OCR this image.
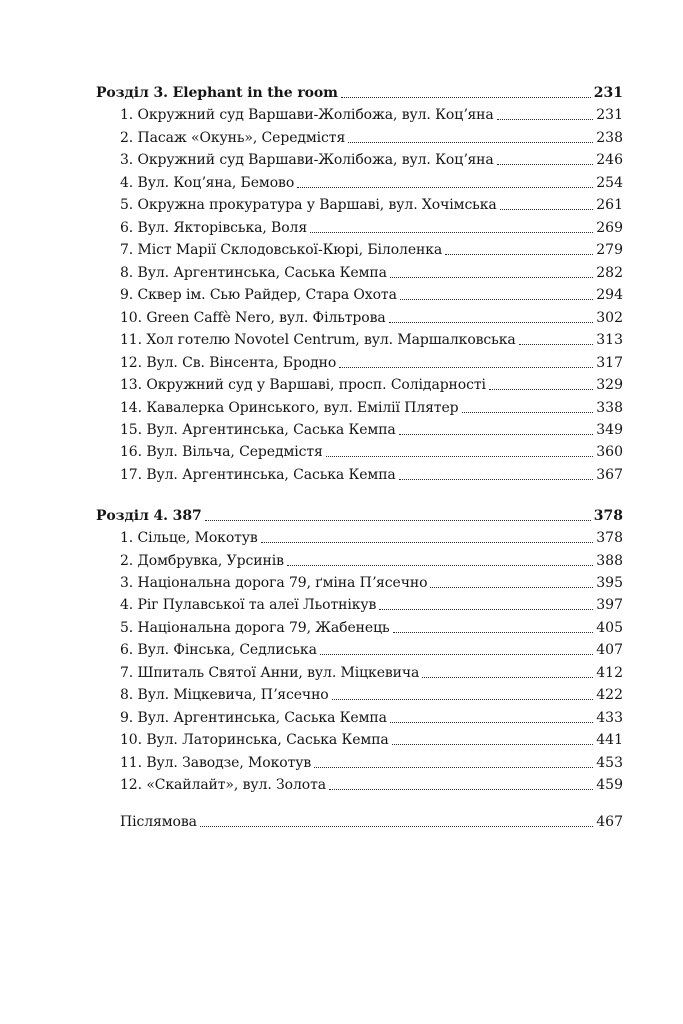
Розділ 3. Elephant in the room	231
1. Окружний суд Варшави-Жолібожа, вул. Коцʼяна	231
2. Пасаж «Окунь», Середмістя	238
3. Окружний суд Варшави-Жолібожа, вул. Коцʼяна	246
4. Вул. Коцʼяна, Бемово	254
5. Окружна прокуратура у Варшаві, вул. Хочімська	261
6. Вул. Якторівська, Воля	269
7. Міст Марії Склодовської-Кюрі, Білоленка	279
8. Вул. Аргентинська, Саська Кемпа	282
9. Сквер ім. Сью Райдер, Стара Охота	294
10. Green Caffè Nero, вул. Фільтрова	302
11. Хол готелю Novotel Centrum, вул. Маршалковська	313
12. Вул. Св. Вінсента, Бродно	317
13. Окружний суд у Варшаві, просп. Солідарності	329
14. Кавалерка Оринського, вул. Емілії Плятер	338
15. Вул. Аргентинська, Саська Кемпа	349
16. Вул. Вільча, Середмістя	360
17. Вул. Аргентинська, Саська Кемпа	367
Розділ 4. 387	378
1. Сільце, Мокотув	378
2. Домбрувка, Урсинів	388
3. Національна дорога 79, ґміна Пʼясечно	395
4. Ріг Пулавської та алеї Льотнікув	397
5. Національна дорога 79, Жабенець	405
6. Вул. Фінська, Седлиська	407
7. Шпиталь Святої Анни, вул. Міцкевича	412
8. Вул. Міцкевича, Пʼясечно	422
9. Вул. Аргентинська, Саська Кемпа	433
10. Вул. Латоринська, Саська Кемпа	441
11. Вул. Заводзе, Мокотув	453
12. «Скайлайт», вул. Золота	459
Післямова	467
